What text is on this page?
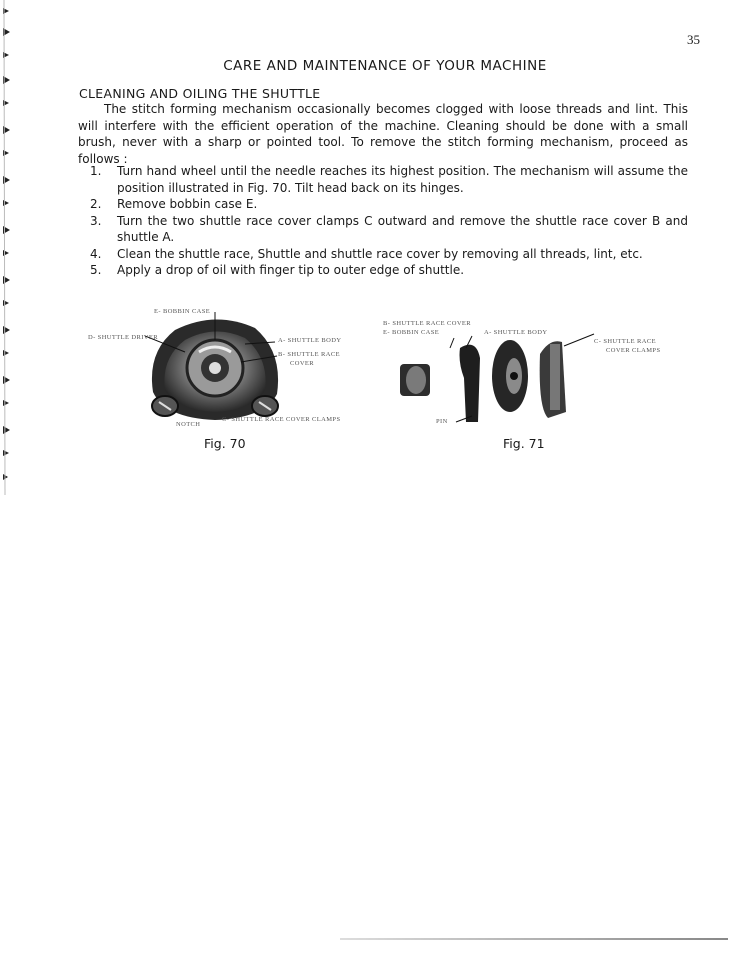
35
CARE AND MAINTENANCE OF YOUR MACHINE
CLEANING AND OILING THE SHUTTLE
The stitch forming mechanism occasionally becomes clogged with loose threads and lint. This will interfere with the efficient operation of the machine. Cleaning should be done with a small brush, never with a sharp or pointed tool. To remove the stitch forming mechanism, proceed as follows :
1. Turn hand wheel until the needle reaches its highest position. The mechanism will assume the position illustrated in Fig. 70. Tilt head back on its hinges.
2. Remove bobbin case E.
3. Turn the two shuttle race cover clamps C outward and remove the shuttle race cover B and shuttle A.
4. Clean the shuttle race, Shuttle and shuttle race cover by removing all threads, lint, etc.
5. Apply a drop of oil with finger tip to outer edge of shuttle.
E- BOBBIN CASE
D- SHUTTLE DRIVER	A- SHUTTLE BODY
B- SHUTTLE RACE
COVER
NOTCH
C- SHUTTLE RACE COVER CLAMPS
Fig. 70
B- SHUTTLE RACE COVER
E- BOBBIN CASE	A- SHUTTLE BODY
C- SHUTTLE RACE
COVER CLAMPS
PIN
Fig. 71
